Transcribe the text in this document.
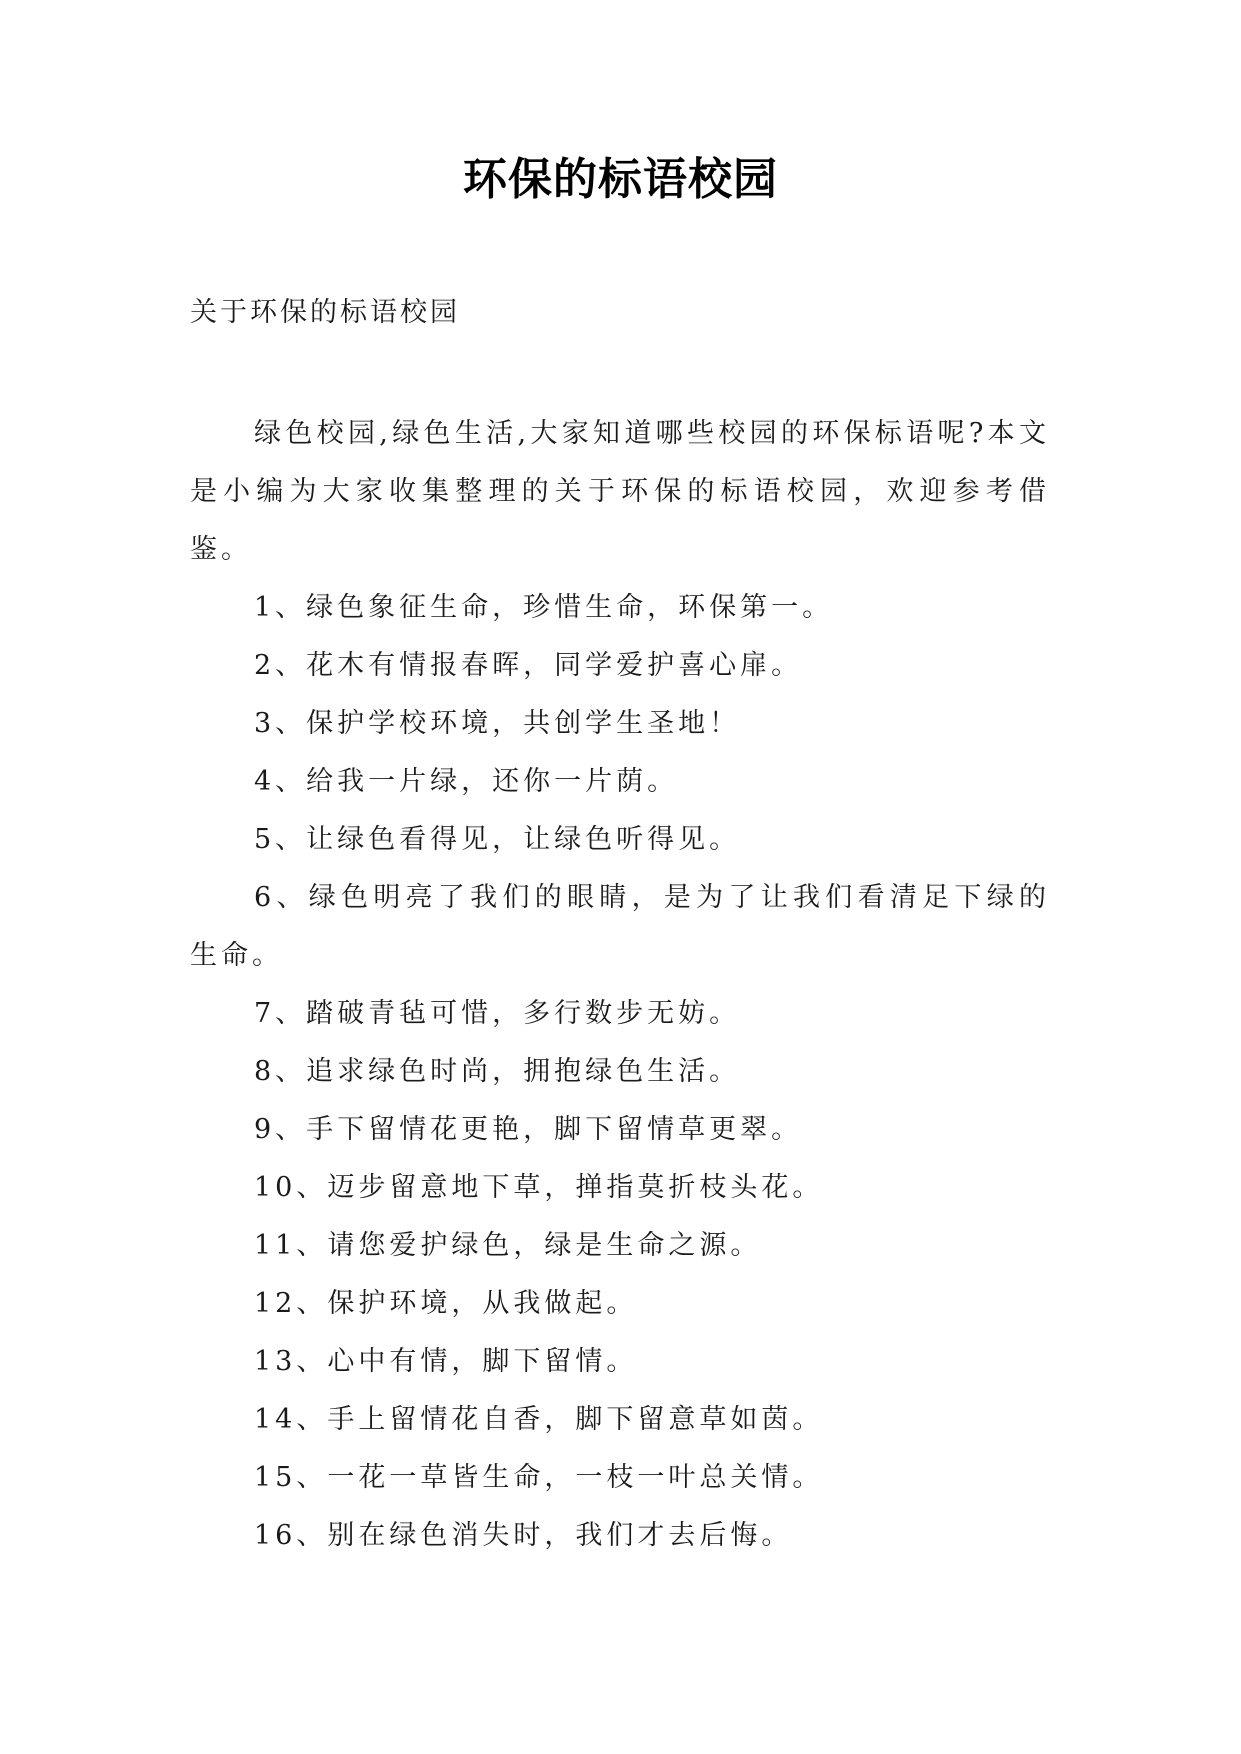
环保的标语校园
关于环保的标语校园

绿色校园,绿色生活,大家知道哪些校园的环保标语呢?本文是小编为大家收集整理的关于环保的标语校园，欢迎参考借鉴。

1、绿色象征生命，珍惜生命，环保第一。

2、花木有情报春晖，同学爱护喜心扉。

3、保护学校环境，共创学生圣地！

4、给我一片绿，还你一片荫。

5、让绿色看得见，让绿色听得见。

6、绿色明亮了我们的眼睛，是为了让我们看清足下绿的生命。

7、踏破青毡可惜，多行数步无妨。

8、追求绿色时尚，拥抱绿色生活。

9、手下留情花更艳，脚下留情草更翠。

10、迈步留意地下草，掸指莫折枝头花。

11、请您爱护绿色，绿是生命之源。

12、保护环境，从我做起。

13、心中有情，脚下留情。

14、手上留情花自香，脚下留意草如茵。

15、一花一草皆生命，一枝一叶总关情。

16、别在绿色消失时，我们才去后悔。
